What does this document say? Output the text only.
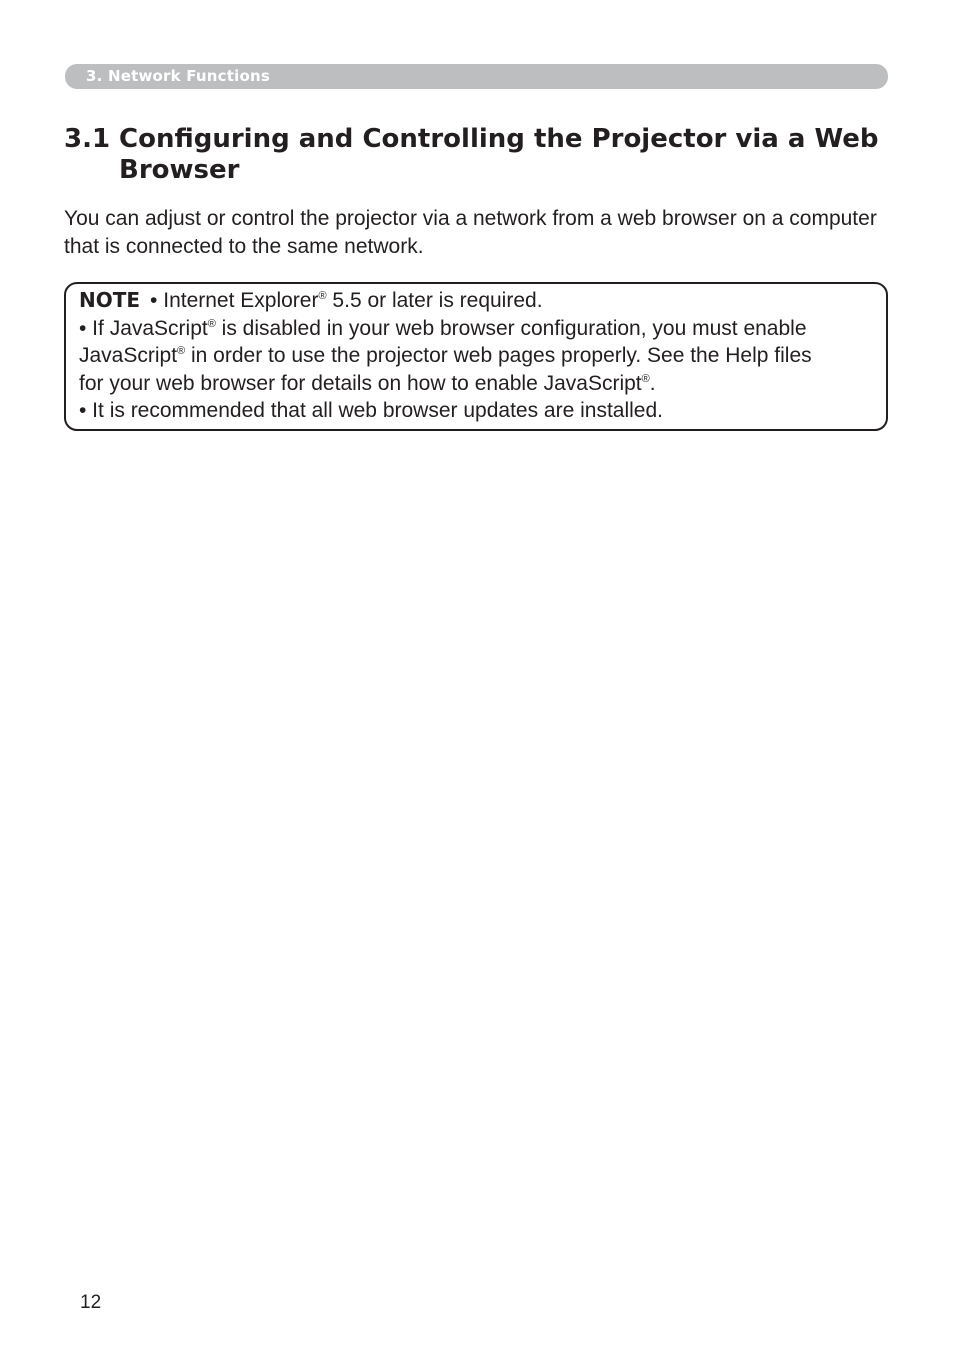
3. Network Functions
3.1 Configuring and Controlling the Projector via a Web Browser

You can adjust or control the projector via a network from a web browser on a computer that is connected to the same network.

NOTE • Internet Explorer® 5.5 or later is required.
• If JavaScript® is disabled in your web browser configuration, you must enable
JavaScript® in order to use the projector web pages properly. See the Help files
for your web browser for details on how to enable JavaScript®.
• It is recommended that all web browser updates are installed.

12
